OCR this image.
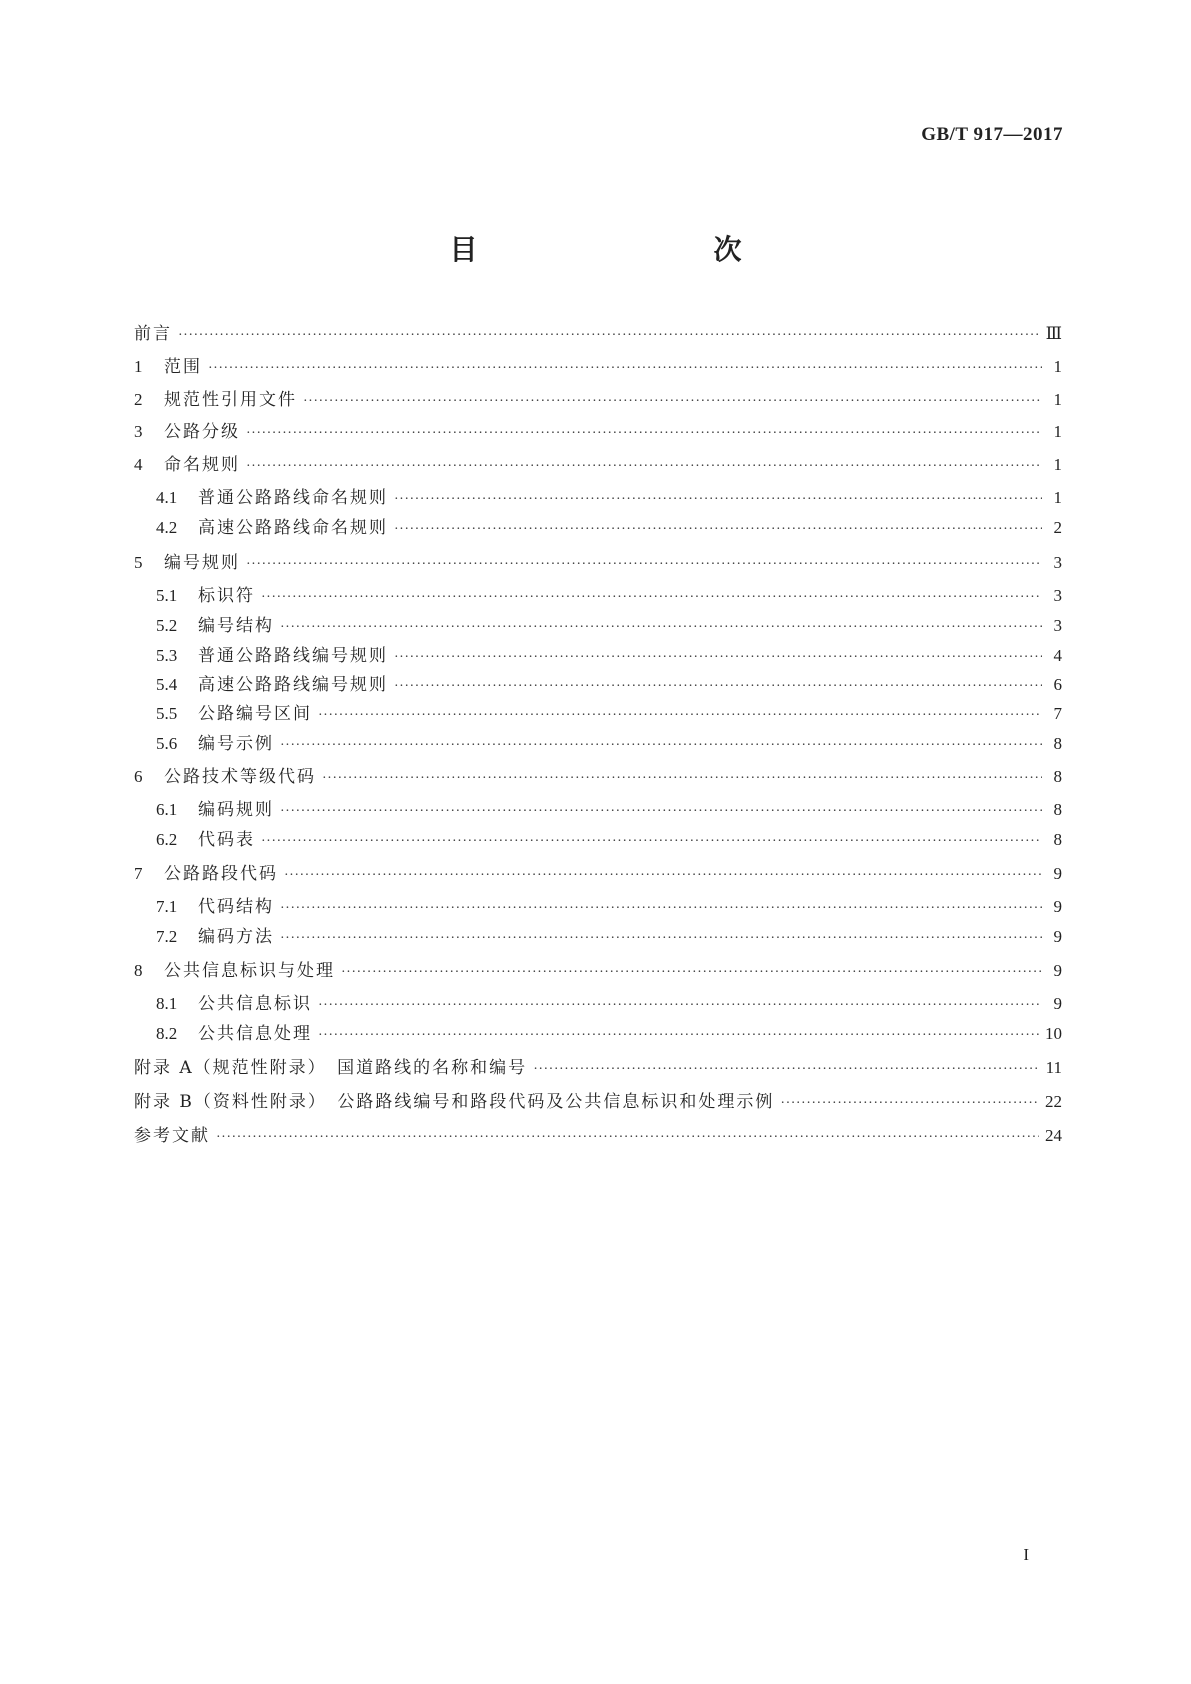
GB/T 917—2017
目　　次
前言 ·····	Ⅲ
1	范围 ·····	1
2	规范性引用文件 ·····	1
3	公路分级 ·····	1
4	命名规则 ·····	1
4.1	普通公路路线命名规则 ·····	1
4.2	高速公路路线命名规则 ·····	2
5	编号规则 ·····	3
5.1	标识符 ·····	3
5.2	编号结构 ·····	3
5.3	普通公路路线编号规则 ·····	4
5.4	高速公路路线编号规则 ·····	6
5.5	公路编号区间 ·····	7
5.6	编号示例 ·····	8
6	公路技术等级代码 ·····	8
6.1	编码规则 ·····	8
6.2	代码表 ·····	8
7	公路路段代码 ·····	9
7.1	代码结构 ·····	9
7.2	编码方法 ·····	9
8	公共信息标识与处理 ·····	9
8.1	公共信息标识 ·····	9
8.2	公共信息处理 ·····	10
附录 A（规范性附录）　国道路线的名称和编号 ·····	11
附录 B（资料性附录）　公路路线编号和路段代码及公共信息标识和处理示例 ·····	22
参考文献 ·····	24
I
